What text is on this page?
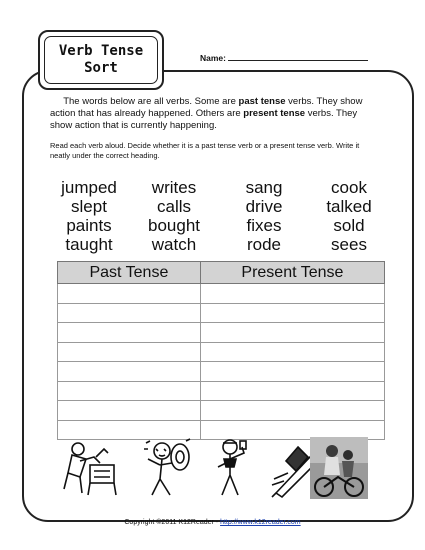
Verb Tense
Sort
Name:
The words below are all verbs. Some are past tense verbs. They show action that has already happened. Others are present tense verbs. They show action that is currently happening.
Read each verb aloud. Decide whether it is a past tense verb or a present tense verb. Write it neatly under the correct heading.
jumped	writes	sang	cook
slept	calls	drive	talked
paints	bought	fixes	sold
taught	watch	rode	sees
Past Tense	Present Tense

Copyright ©2011 K12Reader - http://www.k12reader.com
